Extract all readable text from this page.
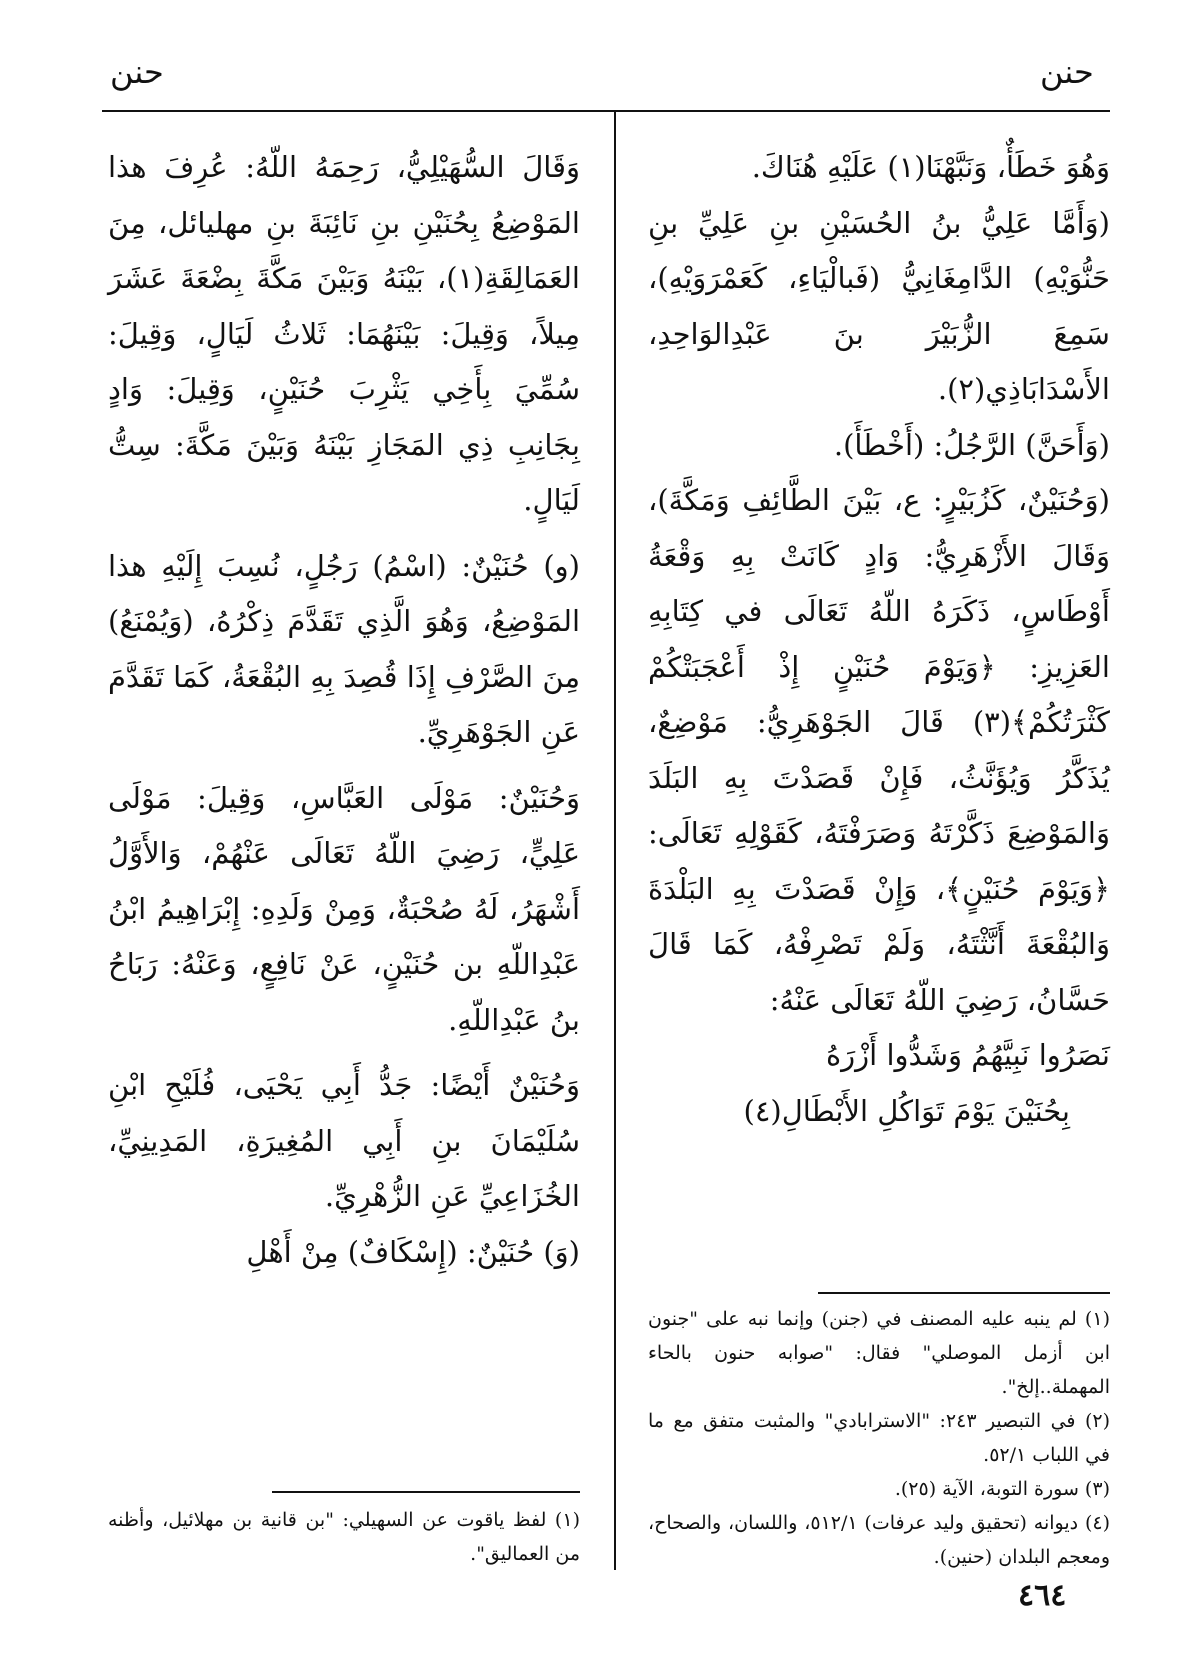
حنن
حنن

وَهُوَ خَطَأٌ، وَنَبَّهْنَا(١) عَلَيْهِ هُنَاكَ.

(وَأَمَّا عَلِيُّ بنُ الحُسَيْنِ بنِ عَلِيِّ بنِ حَنُّوَيْهِ) الدَّامِغَانِيُّ (فَبالْيَاءِ، كَعَمْرَوَيْهِ)، سَمِعَ الزُّبَيْرَ بنَ عَبْدِالوَاحِدِ، الأَسْدَابَاذِي(٢).

(وَأَحَنَّ) الرَّجُلُ: (أَخْطَأَ).

(وَحُنَيْنٌ، كَزُبَيْرٍ: ع، بَيْنَ الطَّائِفِ وَمَكَّةَ)، وَقَالَ الأَزْهَرِيُّ: وَادٍ كَانَتْ بِهِ وَقْعَةُ أَوْطَاسٍ، ذَكَرَهُ اللّهُ تَعَالَى في كِتَابِهِ العَزِيزِ: ﴿وَيَوْمَ حُنَيْنٍ إِذْ أَعْجَبَتْكُمْ كَثْرَتُكُمْ﴾(٣) قَالَ الجَوْهَرِيُّ: مَوْضِعٌ، يُذَكَّرُ وَيُؤَنَّثُ، فَإِنْ قَصَدْتَ بِهِ البَلَدَ وَالمَوْضِعَ ذَكَّرْتَهُ وَصَرَفْتَهُ، كَقَوْلِهِ تَعَالَى: ﴿وَيَوْمَ حُنَيْنٍ﴾، وَإِنْ قَصَدْتَ بِهِ البَلْدَةَ وَالبُقْعَةَ أَنَّثْتَهُ، وَلَمْ تَصْرِفْهُ، كَمَا قَالَ حَسَّانُ، رَضِيَ اللّهُ تَعَالَى عَنْهُ:

نَصَرُوا نَبِيَّهُمُ وَشَدُّوا أَزْرَهُ

بِحُنَيْنَ يَوْمَ تَوَاكُلِ الأَبْطَالِ(٤)

وَقَالَ السُّهَيْلِيُّ، رَحِمَهُ اللّهُ: عُرِفَ هذا المَوْضِعُ بِحُنَيْنِ بنِ نَائِبَةَ بنِ مهليائل، مِنَ العَمَالِقَةِ(١)، بَيْنَهُ وَبَيْنَ مَكَّةَ بِضْعَةَ عَشَرَ مِيلاً، وَقِيلَ: بَيْنَهُمَا: ثَلاثُ لَيَالٍ، وَقِيلَ: سُمِّيَ بِأَخِي يَثْرِبَ حُنَيْنٍ، وَقِيلَ: وَادٍ بِجَانِبِ ذِي المَجَازِ بَيْنَهُ وَبَيْنَ مَكَّةَ: سِتُّ لَيَالٍ.

(و) حُنَيْنٌ: (اسْمُ) رَجُلٍ، نُسِبَ إِلَيْهِ هذا المَوْضِعُ، وَهُوَ الَّذِي تَقَدَّمَ ذِكْرُهُ، (وَيُمْنَعُ) مِنَ الصَّرْفِ إِذَا قُصِدَ بِهِ البُقْعَةُ، كَمَا تَقَدَّمَ عَنِ الجَوْهَرِيِّ.

وَحُنَيْنٌ: مَوْلَى العَبَّاسِ، وَقِيلَ: مَوْلَى عَلِيٍّ، رَضِيَ اللّهُ تَعَالَى عَنْهُمْ، وَالأَوَّلُ أَشْهَرُ، لَهُ صُحْبَةٌ، وَمِنْ وَلَدِهِ: إِبْرَاهِيمُ ابْنُ عَبْدِاللّهِ بن حُنَيْنٍ، عَنْ نَافِعٍ، وَعَنْهُ: رَبَاحُ بنُ عَبْدِاللّهِ.

وَحُنَيْنٌ أَيْضًا: جَدُّ أَبِي يَحْيَى، فُلَيْحِ ابْنِ سُلَيْمَانَ بنِ أَبِي المُغِيرَةِ، المَدِينِيِّ، الخُزَاعِيِّ عَنِ الزُّهْرِيِّ.

(وَ) حُنَيْنٌ: (إِسْكَافٌ) مِنْ أَهْلِ

(١) لم ينبه عليه المصنف في (جنن) وإنما نبه على "جنون ابن أزمل الموصلي" فقال: "صوابه حنون بالحاء المهملة..إلخ".

(٢) في التبصير ٢٤٣: "الاسترابادي" والمثبت متفق مع ما في اللباب ٥٢/١.

(٣) سورة التوبة، الآية (٢٥).

(٤) ديوانه (تحقيق وليد عرفات) ٥١٢/١، واللسان، والصحاح، ومعجم البلدان (حنين).

(١) لفظ ياقوت عن السهيلي: "بن قانية بن مهلائيل، وأظنه من العماليق".

٤٦٤
